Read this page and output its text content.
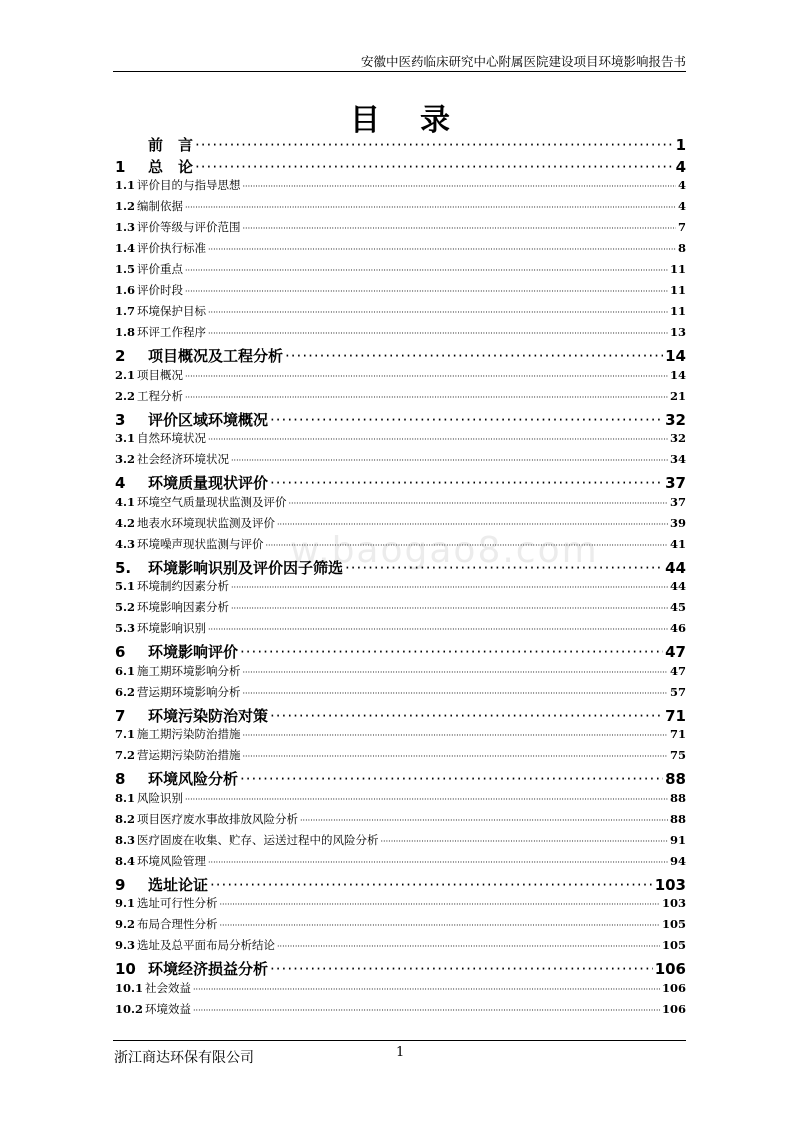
安徽中医药临床研究中心附属医院建设项目环境影响报告书
目录
w.baogao8.com
前　言 ·····	1
1	总　论 ·····	4
1.1 评价目的与指导思想 ·····	4
1.2 编制依据 ·····	4
1.3 评价等级与评价范围 ·····	7
1.4 评价执行标准 ·····	8
1.5 评价重点 ·····	11
1.6 评价时段 ·····	11
1.7 环境保护目标 ·····	11
1.8 环评工作程序 ·····	13
2	项目概况及工程分析 ·····	14
2.1 项目概况 ·····	14
2.2 工程分析 ·····	21
3	评价区域环境概况 ·····	32
3.1 自然环境状况 ·····	32
3.2 社会经济环境状况 ·····	34
4	环境质量现状评价 ·····	37
4.1 环境空气质量现状监测及评价 ·····	37
4.2 地表水环境现状监测及评价 ·····	39
4.3 环境噪声现状监测与评价 ·····	41
5.	环境影响识别及评价因子筛选 ·····	44
5.1 环境制约因素分析 ·····	44
5.2 环境影响因素分析 ·····	45
5.3 环境影响识别 ·····	46
6	环境影响评价 ·····	47
6.1 施工期环境影响分析 ·····	47
6.2 营运期环境影响分析 ·····	57
7	环境污染防治对策 ·····	71
7.1 施工期污染防治措施 ·····	71
7.2 营运期污染防治措施 ·····	75
8	环境风险分析 ·····	88
8.1 风险识别 ·····	88
8.2 项目医疗废水事故排放风险分析 ·····	88
8.3 医疗固废在收集、贮存、运送过程中的风险分析 ·····	91
8.4 环境风险管理 ·····	94
9	选址论证 ·····	103
9.1 选址可行性分析 ·····	103
9.2 布局合理性分析 ·····	105
9.3 选址及总平面布局分析结论 ·····	105
10 环境经济损益分析 ·····	106
10.1 社会效益 ·····	106
10.2 环境效益 ·····	106
浙江商达环保有限公司	1
